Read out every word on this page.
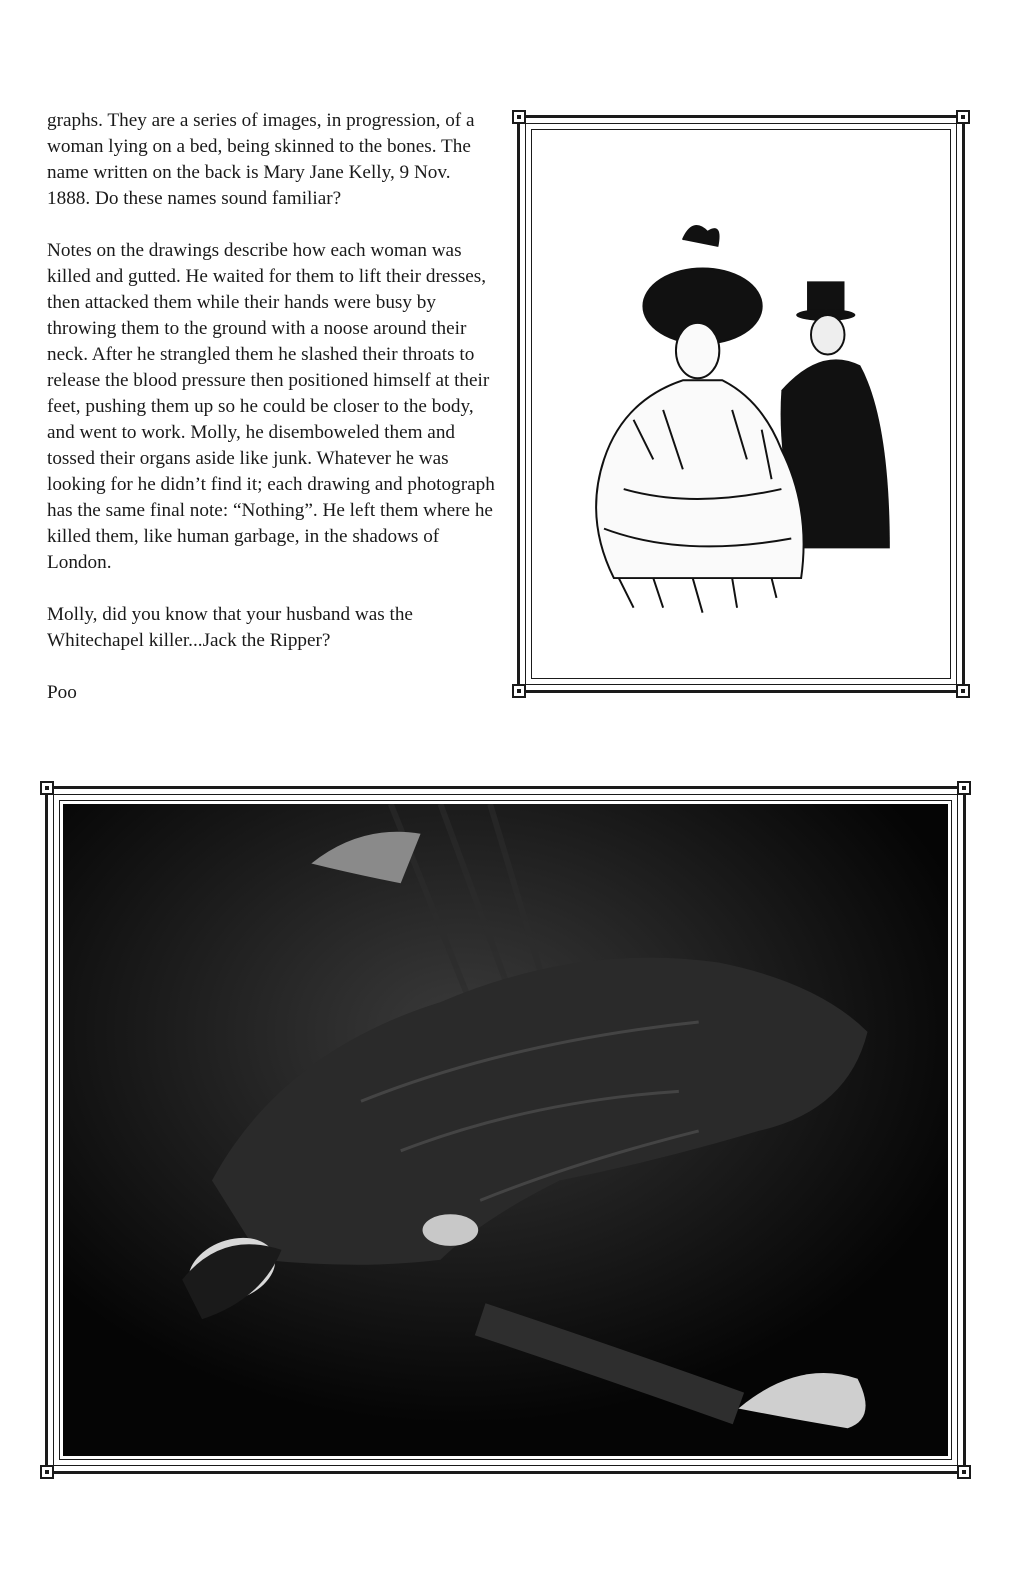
graphs. They are a series of images, in progression, of a woman lying on a bed, being skinned to the bones. The name written on the back is Mary Jane Kelly, 9 Nov. 1888. Do these names sound familiar?

Notes on the drawings describe how each woman was killed and gutted. He waited for them to lift their dresses, then attacked them while their hands were busy by throwing them to the ground with a noose around their neck. After he strangled them he slashed their throats to release the blood pressure then positioned himself at their feet, pushing them up so he could be closer to the body, and went to work. Molly, he disemboweled them and tossed their organs aside like junk. Whatever he was looking for he didn’t find it; each drawing and photograph has the same final note: “Nothing”. He left them where he killed them, like human garbage, in the shadows of London.

Molly, did you know that your husband was the Whitechapel killer...Jack the Ripper?

Poo
